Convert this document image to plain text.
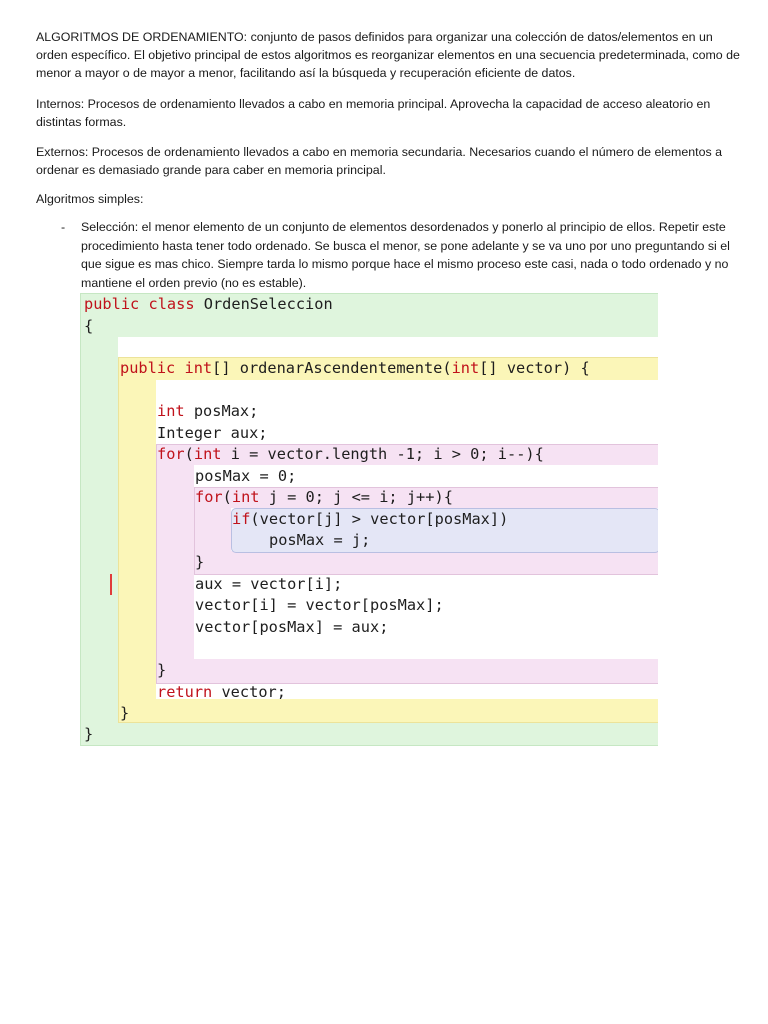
ALGORITMOS DE ORDENAMIENTO: conjunto de pasos definidos para organizar una colección de datos/elementos en un orden específico. El objetivo principal de estos algoritmos es reorganizar elementos en una secuencia predeterminada, como de menor a mayor o de mayor a menor, facilitando así la búsqueda y recuperación eficiente de datos.

Internos: Procesos de ordenamiento llevados a cabo en memoria principal. Aprovecha la capacidad de acceso aleatorio en distintas formas.

Externos: Procesos de ordenamiento llevados a cabo en memoria secundaria. Necesarios cuando el número de elementos a ordenar es demasiado grande para caber en memoria principal.

Algoritmos simples:

- Selección: el menor elemento de un conjunto de elementos desordenados y ponerlo al principio de ellos. Repetir este procedimiento hasta tener todo ordenado. Se busca el menor, se pone adelante y se va uno por uno preguntando si el que sigue es mas chico. Siempre tarda lo mismo porque hace el mismo proceso este casi, nada o todo ordenado y no mantiene el orden previo (no es estable).

public class OrdenSeleccion
{
public int[] ordenarAscendentemente(int[] vector) {
int posMax;
Integer aux;
for(int i = vector.length -1; i > 0; i--){
posMax = 0;
for(int j = 0; j <= i; j++){
if(vector[j] > vector[posMax])
posMax = j;
}
aux = vector[i];
vector[i] = vector[posMax];
vector[posMax] = aux;
}
return vector;
}
}
